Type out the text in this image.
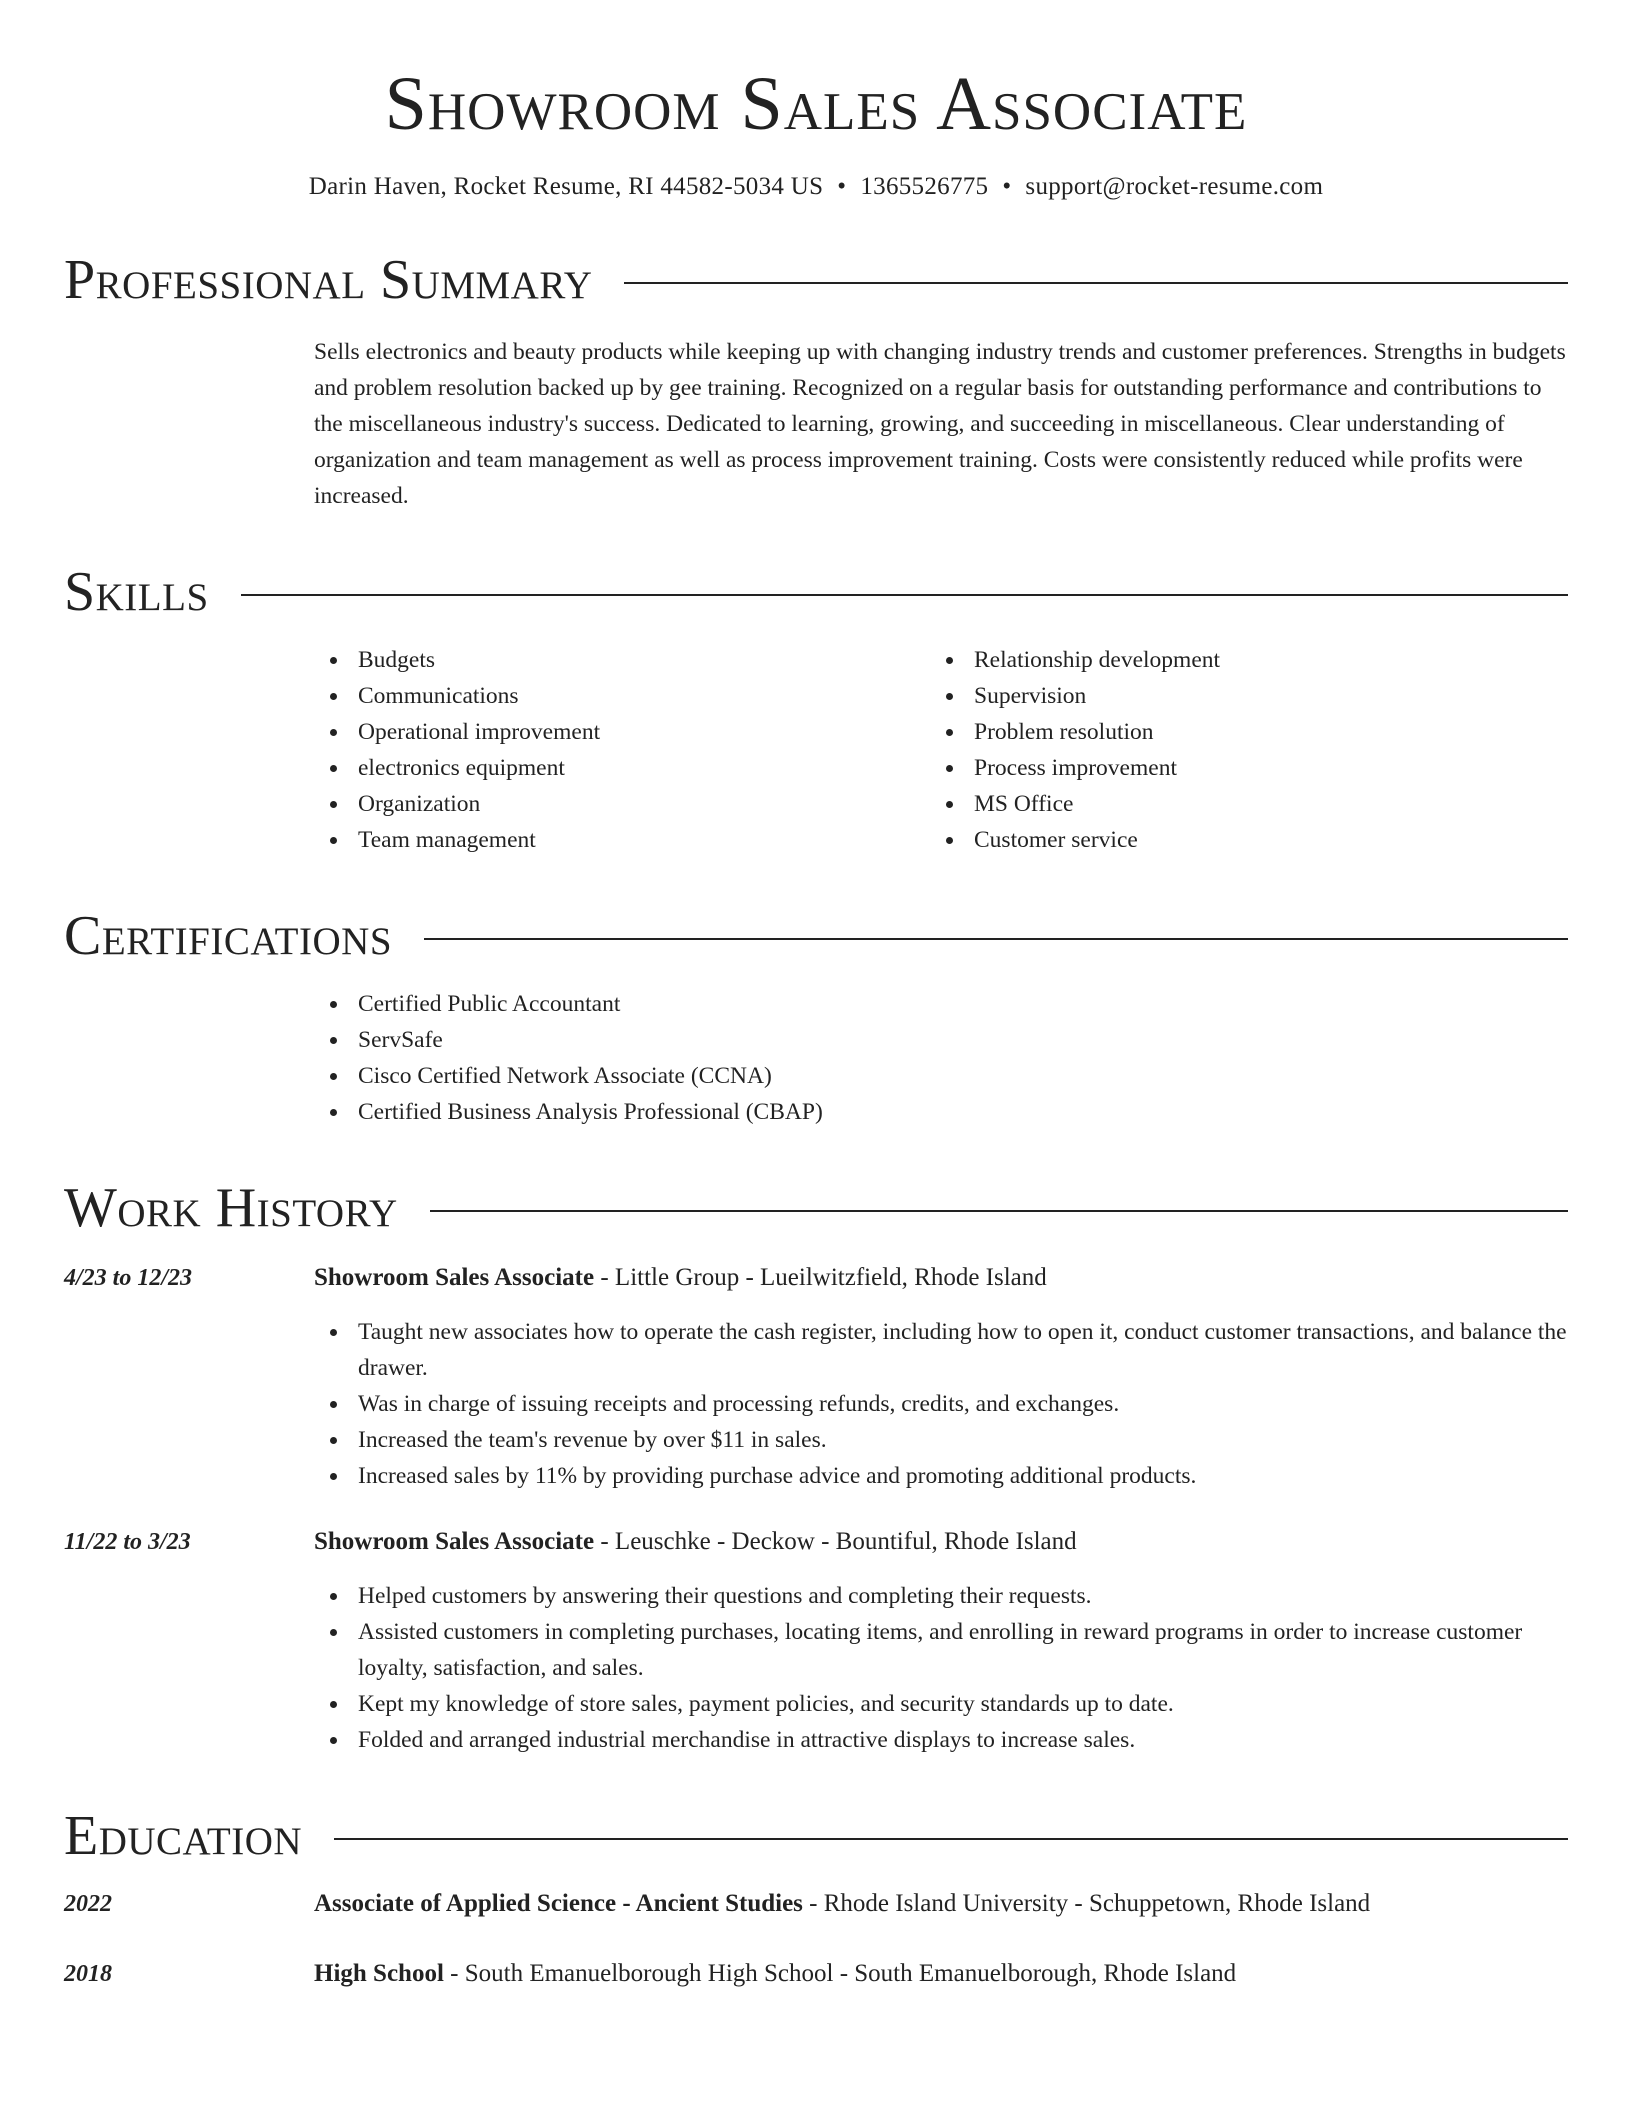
Showroom Sales Associate
Darin Haven, Rocket Resume, RI 44582-5034 US • 1365526775 • support@rocket-resume.com
Professional Summary

Sells electronics and beauty products while keeping up with changing industry trends and customer preferences. Strengths in budgets and problem resolution backed up by gee training. Recognized on a regular basis for outstanding performance and contributions to the miscellaneous industry's success. Dedicated to learning, growing, and succeeding in miscellaneous. Clear understanding of organization and team management as well as process improvement training. Costs were consistently reduced while profits were increased.

Skills
Budgets
Communications
Operational improvement
electronics equipment
Organization
Team management
Relationship development
Supervision
Problem resolution
Process improvement
MS Office
Customer service
Certifications
Certified Public Accountant
ServSafe
Cisco Certified Network Associate (CCNA)
Certified Business Analysis Professional (CBAP)
Work History
4/23 to 12/23	Showroom Sales Associate - Little Group - Lueilwitzfield, Rhode Island
Taught new associates how to operate the cash register, including how to open it, conduct customer transactions, and balance the drawer.
Was in charge of issuing receipts and processing refunds, credits, and exchanges.
Increased the team's revenue by over $11 in sales.
Increased sales by 11% by providing purchase advice and promoting additional products.
11/22 to 3/23	Showroom Sales Associate - Leuschke - Deckow - Bountiful, Rhode Island
Helped customers by answering their questions and completing their requests.
Assisted customers in completing purchases, locating items, and enrolling in reward programs in order to increase customer loyalty, satisfaction, and sales.
Kept my knowledge of store sales, payment policies, and security standards up to date.
Folded and arranged industrial merchandise in attractive displays to increase sales.
Education
2022	Associate of Applied Science - Ancient Studies - Rhode Island University - Schuppetown, Rhode Island
2018	High School - South Emanuelborough High School - South Emanuelborough, Rhode Island
